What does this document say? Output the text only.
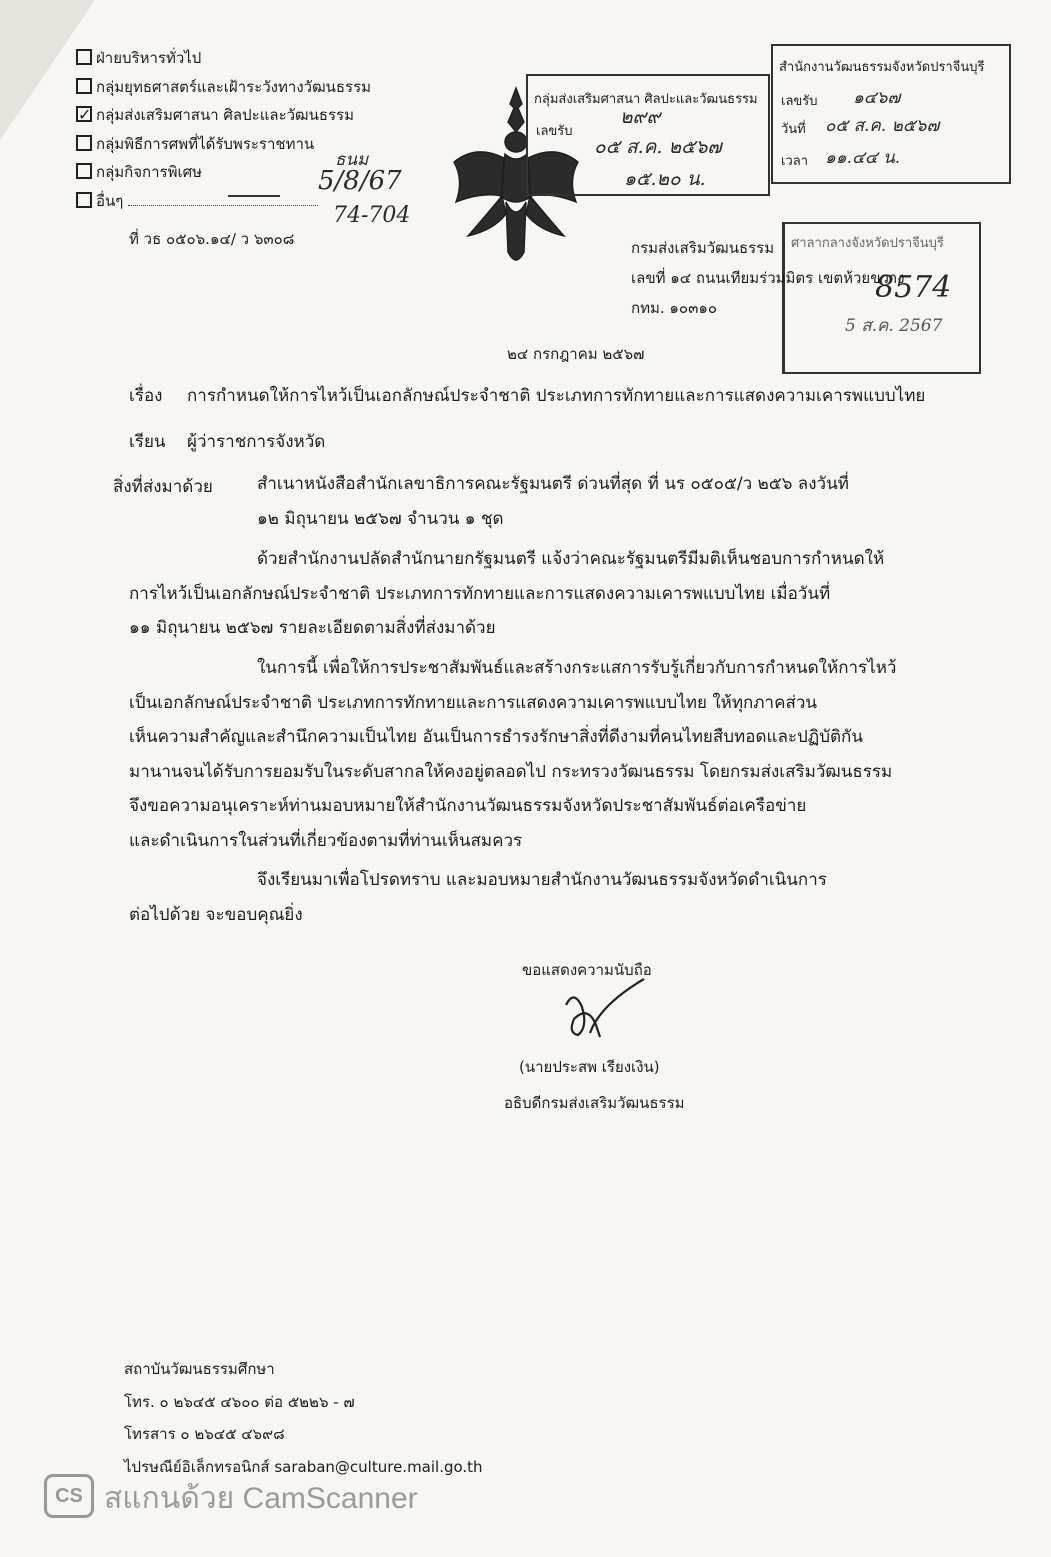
ฝ่ายบริหารทั่วไป
กลุ่มยุทธศาสตร์และเฝ้าระวังทางวัฒนธรรม
✓กลุ่มส่งเสริมศาสนา ศิลปะและวัฒนธรรม
กลุ่มพิธีการศพที่ได้รับพระราชทาน
กลุ่มกิจการพิเศษ
อื่นๆ
ธนม
5/8/67
74-704
ที่ วธ ๐๕๐๖.๑๔/ ว ๖๓๐๘
กลุ่มส่งเสริมศาสนา ศิลปะและวัฒนธรรม
เลขรับ
๒๙๙
๐๕ ส.ค. ๒๕๖๗
๑๕.๒๐ น.
สำนักงานวัฒนธรรมจังหวัดปราจีนบุรี
เลขรับ ๑๔๖๗
วันที่ ๐๕ ส.ค. ๒๕๖๗
เวลา ๑๑.๔๔ น.
ศาลากลางจังหวัดปราจีนบุรี
8574
5 ส.ค. 2567
กรมส่งเสริมวัฒนธรรม
เลขที่ ๑๔ ถนนเทียมร่วมมิตร เขตห้วยขวาง
กทม. ๑๐๓๑๐
๒๔ กรกฎาคม ๒๕๖๗
เรื่อง การกำหนดให้การไหว้เป็นเอกลักษณ์ประจำชาติ ประเภทการทักทายและการแสดงความเคารพแบบไทย
เรียน ผู้ว่าราชการจังหวัด
สิ่งที่ส่งมาด้วย	สำเนาหนังสือสำนักเลขาธิการคณะรัฐมนตรี ด่วนที่สุด ที่ นร ๐๕๐๕/ว ๒๕๖ ลงวันที่

๑๒ มิถุนายน ๒๕๖๗ จำนวน ๑ ชุด

ด้วยสำนักงานปลัดสำนักนายกรัฐมนตรี แจ้งว่าคณะรัฐมนตรีมีมติเห็นชอบการกำหนดให้

การไหว้เป็นเอกลักษณ์ประจำชาติ ประเภทการทักทายและการแสดงความเคารพแบบไทย เมื่อวันที่

๑๑ มิถุนายน ๒๕๖๗ รายละเอียดตามสิ่งที่ส่งมาด้วย

ในการนี้ เพื่อให้การประชาสัมพันธ์และสร้างกระแสการรับรู้เกี่ยวกับการกำหนดให้การไหว้

เป็นเอกลักษณ์ประจำชาติ ประเภทการทักทายและการแสดงความเคารพแบบไทย ให้ทุกภาคส่วน

เห็นความสำคัญและสำนึกความเป็นไทย อันเป็นการธำรงรักษาสิ่งที่ดีงามที่คนไทยสืบทอดและปฏิบัติกัน

มานานจนได้รับการยอมรับในระดับสากลให้คงอยู่ตลอดไป กระทรวงวัฒนธรรม โดยกรมส่งเสริมวัฒนธรรม

จึงขอความอนุเคราะห์ท่านมอบหมายให้สำนักงานวัฒนธรรมจังหวัดประชาสัมพันธ์ต่อเครือข่าย

และดำเนินการในส่วนที่เกี่ยวข้องตามที่ท่านเห็นสมควร

จึงเรียนมาเพื่อโปรดทราบ และมอบหมายสำนักงานวัฒนธรรมจังหวัดดำเนินการ

ต่อไปด้วย จะขอบคุณยิ่ง

ขอแสดงความนับถือ
(นายประสพ เรียงเงิน)
อธิบดีกรมส่งเสริมวัฒนธรรม
สถาบันวัฒนธรรมศึกษา
โทร. ๐ ๒๖๔๕ ๔๖๐๐ ต่อ ๕๒๒๖ - ๗
โทรสาร ๐ ๒๖๔๕ ๔๖๙๘
ไปรษณีย์อิเล็กทรอนิกส์ saraban@culture.mail.go.th
CS สแกนด้วย CamScanner
